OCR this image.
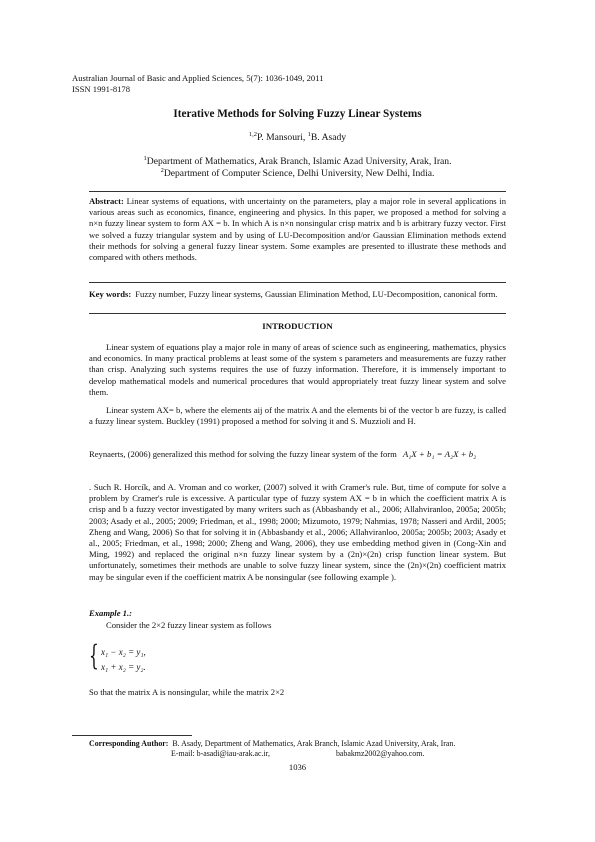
Australian Journal of Basic and Applied Sciences, 5(7): 1036-1049, 2011
ISSN 1991-8178
Iterative Methods for Solving Fuzzy Linear Systems
$^{1,2}$P. Mansouri, $^1$B. Asady
$^1$Department of Mathematics, Arak Branch, Islamic Azad University, Arak, Iran.
$^2$Department of Computer Science, Delhi University, New Delhi, India.
Abstract: Linear systems of equations, with uncertainty on the parameters, play a major role in several applications in various areas such as economics, finance, engineering and physics. In this paper, we proposed a method for solving a n×n fuzzy linear system to form AX = b. In which A is n×n nonsingular crisp matrix and b is arbitrary fuzzy vector. First we solved a fuzzy triangular system and by using of LU-Decomposition and/or Gaussian Elimination methods extend their methods for solving a general fuzzy linear system. Some examples are presented to illustrate these methods and compared with others methods.
Key words: Fuzzy number, Fuzzy linear systems, Gaussian Elimination Method, LU-Decomposition, canonical form.
INTRODUCTION
Linear system of equations play a major role in many of areas of science such as engineering, mathematics, physics and economics. In many practical problems at least some of the system s parameters and measurements are fuzzy rather than crisp. Analyzing such systems requires the use of fuzzy information. Therefore, it is immensely important to develop mathematical models and numerical procedures that would appropriately treat fuzzy linear system and solve them.
Linear system AX= b, where the elements aij of the matrix A and the elements bi of the vector b are fuzzy, is called a fuzzy linear system. Buckley (1991) proposed a method for solving it and S. Muzzioli and H.
Reynaerts, (2006) generalized this method for solving the fuzzy linear system of the form A₁X + b₁ = A₂X + b₂
. Such R. Horcík, and A. Vroman and co worker, (2007) solved it with Cramer's rule. But, time of compute for solve a problem by Cramer's rule is excessive. A particular type of fuzzy system AX = b in which the coefficient matrix A is crisp and b a fuzzy vector investigated by many writers such as (Abbasbandy et al., 2006; Allahviranloo, 2005a; 2005b; 2003; Asady et al., 2005; 2009; Friedman, et al., 1998; 2000; Mizumoto, 1979; Nahmias, 1978; Nasseri and Ardil, 2005; Zheng and Wang, 2006) So that for solving it in (Abbasbandy et al., 2006; Allahviranloo, 2005a; 2005b; 2003; Asady et al., 2005; Friedman, et al., 1998; 2000; Zheng and Wang, 2006), they use embedding method given in (Cong-Xin and Ming, 1992) and replaced the original n×n fuzzy linear system by a (2n)×(2n) crisp function linear system. But unfortunately, sometimes their methods are unable to solve fuzzy linear system, since the (2n)×(2n) coefficient matrix may be singular even if the coefficient matrix A be nonsingular (see following example ).
Example 1.:
Consider the 2×2 fuzzy linear system as follows
{ x₁ − x₂ = y₁,
x₁ + x₂ = y₂.
So that the matrix A is nonsingular, while the matrix 2×2
Corresponding Author: B. Asady, Department of Mathematics, Arak Branch, Islamic Azad University, Arak, Iran.
E-mail: b-asadi@iau-arak.ac.ir,	babakmz2002@yahoo.com.
1036
